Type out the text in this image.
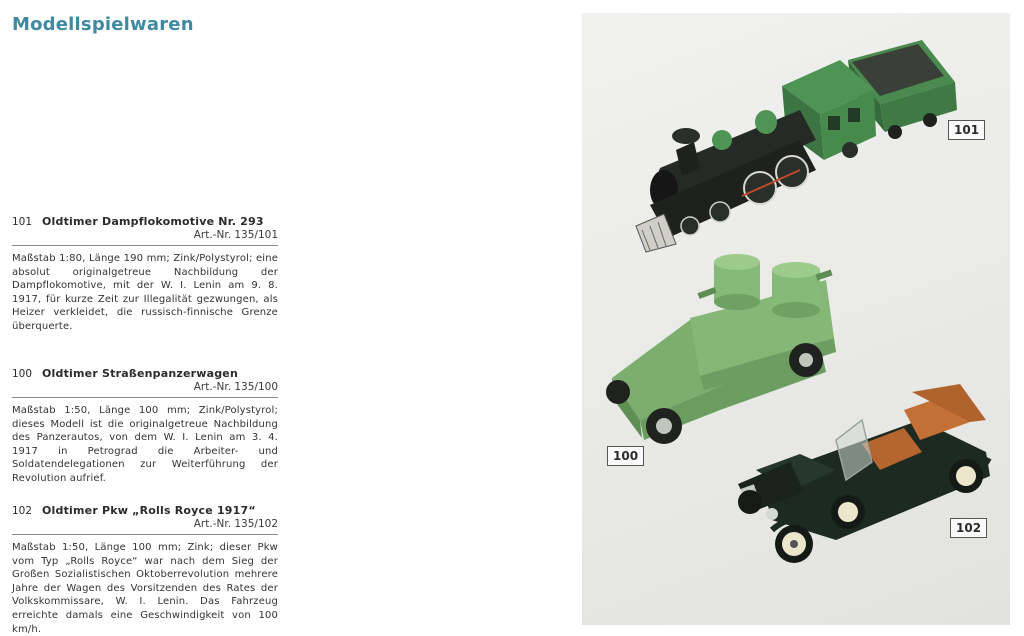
Modellspielwaren
101 Oldtimer Dampflokomotive Nr. 293
Art.-Nr. 135/101
Maßstab 1:80, Länge 190 mm; Zink/Polystyrol; eine absolut originalgetreue Nachbildung der Dampflokomotive, mit der W. I. Lenin am 9. 8. 1917, für kurze Zeit zur Illegalität gezwungen, als Heizer verkleidet, die russisch-finnische Grenze überquerte.
100 Oldtimer Straßenpanzerwagen
Art.-Nr. 135/100
Maßstab 1:50, Länge 100 mm; Zink/Polystyrol; dieses Modell ist die originalgetreue Nachbildung des Panzerautos, von dem W. I. Lenin am 3. 4. 1917 in Petrograd die Arbeiter- und Soldatendelegationen zur Weiterführung der Revolution aufrief.
102 Oldtimer Pkw „Rolls Royce 1917“
Art.-Nr. 135/102
Maßstab 1:50, Länge 100 mm; Zink; dieser Pkw vom Typ „Rolls Royce“ war nach dem Sieg der Großen Sozialistischen Oktoberrevolution mehrere Jahre der Wagen des Vorsitzenden des Rates der Volkskommissare, W. I. Lenin. Das Fahrzeug erreichte damals eine Geschwindigkeit von 100 km/h.
101
100
102
